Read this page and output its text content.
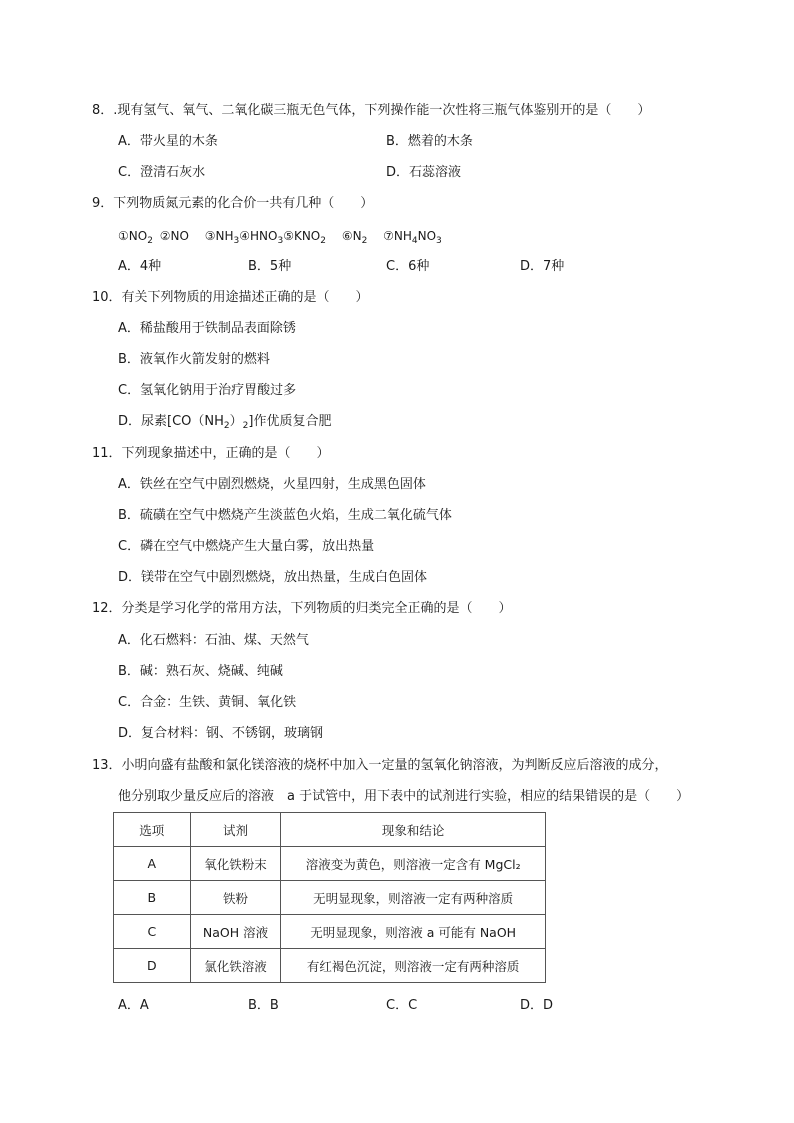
8．.现有氢气、氧气、二氧化碳三瓶无色气体，下列操作能一次性将三瓶气体鉴别开的是（　　）
A．带火星的木条	B．燃着的木条
C．澄清石灰水	D．石蕊溶液
9．下列物质氮元素的化合价一共有几种（　　）
$①NO_2$ ②NO $③NH_3④HNO_3⑤KNO_2$ $⑥N_2$ $⑦NH_4NO_3$
A．4种	B．5种	C．6种	D．7种
10．有关下列物质的用途描述正确的是（　　）
A．稀盐酸用于铁制品表面除锈
B．液氧作火箭发射的燃料
C．氢氧化钠用于治疗胃酸过多
D．尿素$[CO(NH_2)_2]$作优质复合肥
11．下列现象描述中，正确的是（　　）
A．铁丝在空气中剧烈燃烧，火星四射，生成黑色固体
B．硫磺在空气中燃烧产生淡蓝色火焰，生成二氧化硫气体
C．磷在空气中燃烧产生大量白雾，放出热量
D．镁带在空气中剧烈燃烧，放出热量，生成白色固体
12．分类是学习化学的常用方法，下列物质的归类完全正确的是（　　）
A．化石燃料：石油、煤、天然气
B．碱：熟石灰、烧碱、纯碱
C．合金：生铁、黄铜、氧化铁
D．复合材料：钢、不锈钢，玻璃钢
13．小明向盛有盐酸和氯化镁溶液的烧杯中加入一定量的氢氧化钠溶液，为判断反应后溶液的成分，
他分别取少量反应后的溶液　a 于试管中，用下表中的试剂进行实验，相应的结果错误的是（　　）
选项	试剂	现象和结论
A	氧化铁粉末	溶液变为黄色，则溶液一定含有 MgCl₂
B	铁粉	无明显现象，则溶液一定有两种溶质
C	NaOH 溶液	无明显现象，则溶液 a 可能有 NaOH
D	氯化铁溶液	有红褐色沉淀，则溶液一定有两种溶质
A．A	B．B	C．C	D．D
